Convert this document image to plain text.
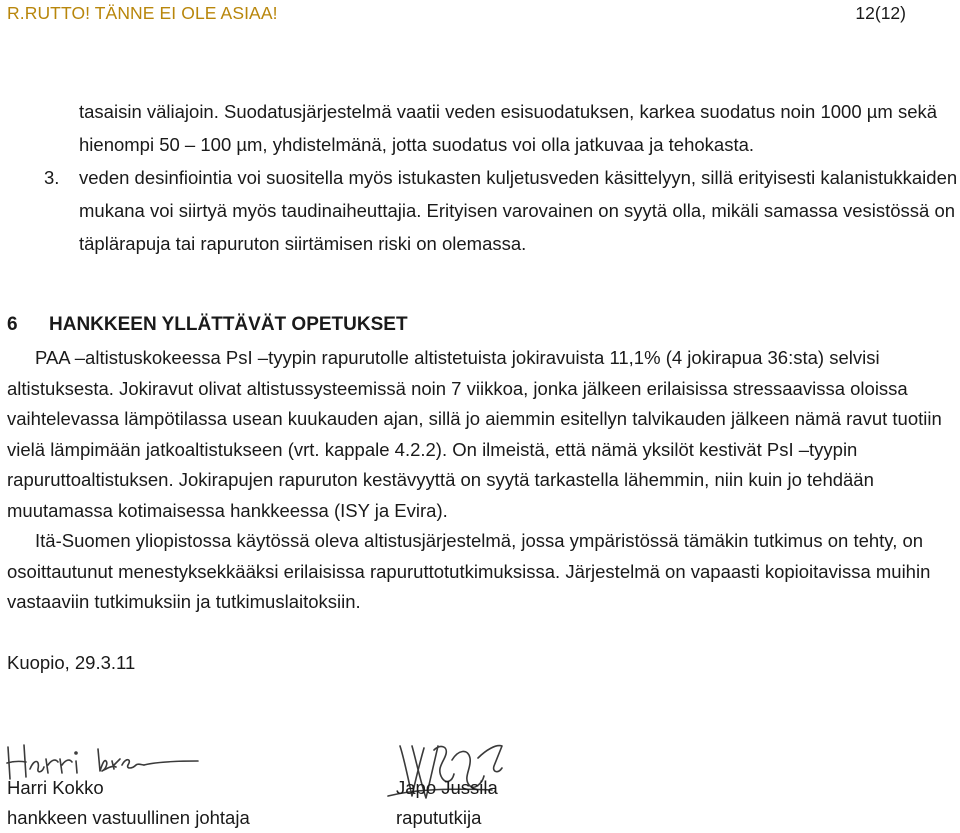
R.RUTTO! TÄNNE EI OLE ASIAA!	12(12)

tasaisin väliajoin. Suodatusjärjestelmä vaatii veden esisuodatuksen, karkea suodatus noin 1000 µm sekä hienompi 50 – 100 µm, yhdistelmänä, jotta suodatus voi olla jatkuvaa ja tehokasta.

3. veden desinfiointia voi suositella myös istukasten kuljetusveden käsittelyyn, sillä erityisesti kalanistukkaiden mukana voi siirtyä myös taudinaiheuttajia. Erityisen varovainen on syytä olla, mikäli samassa vesistössä on täplärapuja tai rapuruton siirtämisen riski on olemassa.
6 HANKKEEN YLLÄTTÄVÄT OPETUKSET

PAA –altistuskokeessa PsI –tyypin rapurutolle altistetuista jokiravuista 11,1% (4 jokirapua 36:sta) selvisi altistuksesta. Jokiravut olivat altistussysteemissä noin 7 viikkoa, jonka jälkeen erilaisissa stressaavissa oloissa vaihtelevassa lämpötilassa usean kuukauden ajan, sillä jo aiemmin esitellyn talvikauden jälkeen nämä ravut tuotiin vielä lämpimään jatkoaltistukseen (vrt. kappale 4.2.2). On ilmeistä, että nämä yksilöt kestivät PsI –tyypin rapuruttoaltistuksen. Jokirapujen rapuruton kestävyyttä on syytä tarkastella lähemmin, niin kuin jo tehdään muutamassa kotimaisessa hankkeessa (ISY ja Evira).

Itä-Suomen yliopistossa käytössä oleva altistusjärjestelmä, jossa ympäristössä tämäkin tutkimus on tehty, on osoittautunut menestyksekkääksi erilaisissa rapuruttotutkimuksissa. Järjestelmä on vapaasti kopioitavissa muihin vastaaviin tutkimuksiin ja tutkimuslaitoksiin.

Kuopio, 29.3.11
Harri Kokko
hankkeen vastuullinen johtaja
Japo Jussila
rapututkija
